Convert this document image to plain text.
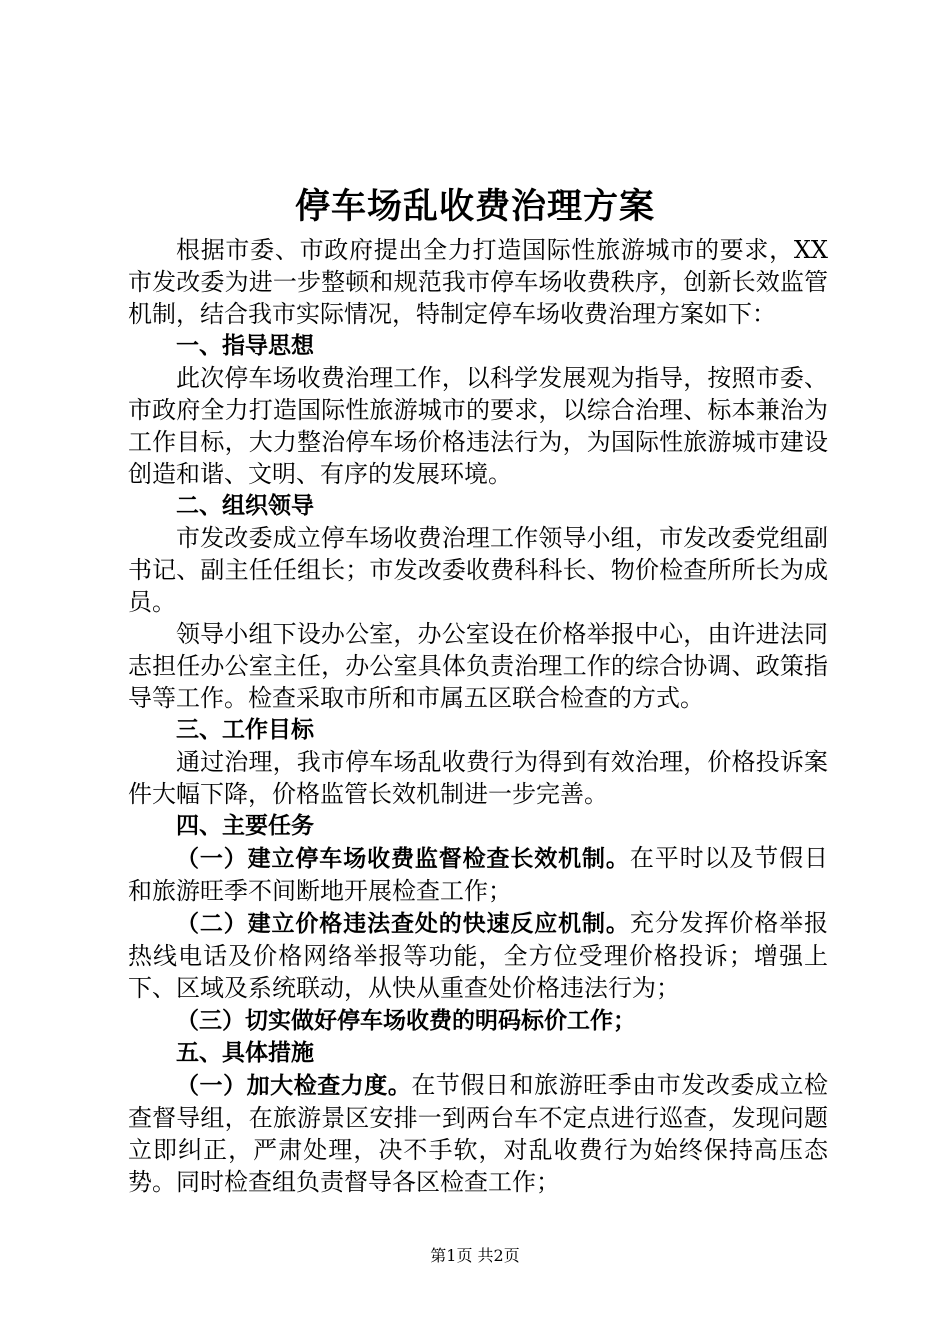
停车场乱收费治理方案

根据市委、市政府提出全力打造国际性旅游城市的要求，XX市发改委为进一步整顿和规范我市停车场收费秩序，创新长效监管机制，结合我市实际情况，特制定停车场收费治理方案如下：

一、指导思想

此次停车场收费治理工作，以科学发展观为指导，按照市委、市政府全力打造国际性旅游城市的要求，以综合治理、标本兼治为工作目标，大力整治停车场价格违法行为，为国际性旅游城市建设创造和谐、文明、有序的发展环境。

二、组织领导

市发改委成立停车场收费治理工作领导小组，市发改委党组副书记、副主任任组长；市发改委收费科科长、物价检查所所长为成员。

领导小组下设办公室，办公室设在价格举报中心，由许进法同志担任办公室主任，办公室具体负责治理工作的综合协调、政策指导等工作。检查采取市所和市属五区联合检查的方式。

三、工作目标

通过治理，我市停车场乱收费行为得到有效治理，价格投诉案件大幅下降，价格监管长效机制进一步完善。

四、主要任务

（一）建立停车场收费监督检查长效机制。在平时以及节假日和旅游旺季不间断地开展检查工作；

（二）建立价格违法查处的快速反应机制。充分发挥价格举报热线电话及价格网络举报等功能，全方位受理价格投诉；增强上下、区域及系统联动，从快从重查处价格违法行为；

（三）切实做好停车场收费的明码标价工作；

五、具体措施

（一）加大检查力度。在节假日和旅游旺季由市发改委成立检查督导组，在旅游景区安排一到两台车不定点进行巡查，发现问题立即纠正，严肃处理，决不手软，对乱收费行为始终保持高压态势。同时检查组负责督导各区检查工作；

第1页 共2页
